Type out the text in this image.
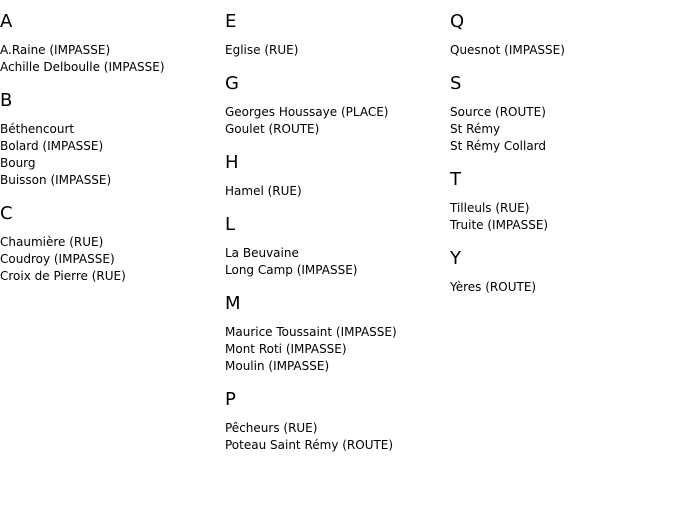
A
A.Raine (IMPASSE)
Achille Delboulle (IMPASSE)
B
Béthencourt
Bolard (IMPASSE)
Bourg
Buisson (IMPASSE)
C
Chaumière (RUE)
Coudroy (IMPASSE)
Croix de Pierre (RUE)
E
Eglise (RUE)
G
Georges Houssaye (PLACE)
Goulet (ROUTE)
H
Hamel (RUE)
L
La Beuvaine
Long Camp (IMPASSE)
M
Maurice Toussaint (IMPASSE)
Mont Roti (IMPASSE)
Moulin (IMPASSE)
P
Pêcheurs (RUE)
Poteau Saint Rémy (ROUTE)
Q
Quesnot (IMPASSE)
S
Source (ROUTE)
St Rémy
St Rémy Collard
T
Tilleuls (RUE)
Truite (IMPASSE)
Y
Yères (ROUTE)
